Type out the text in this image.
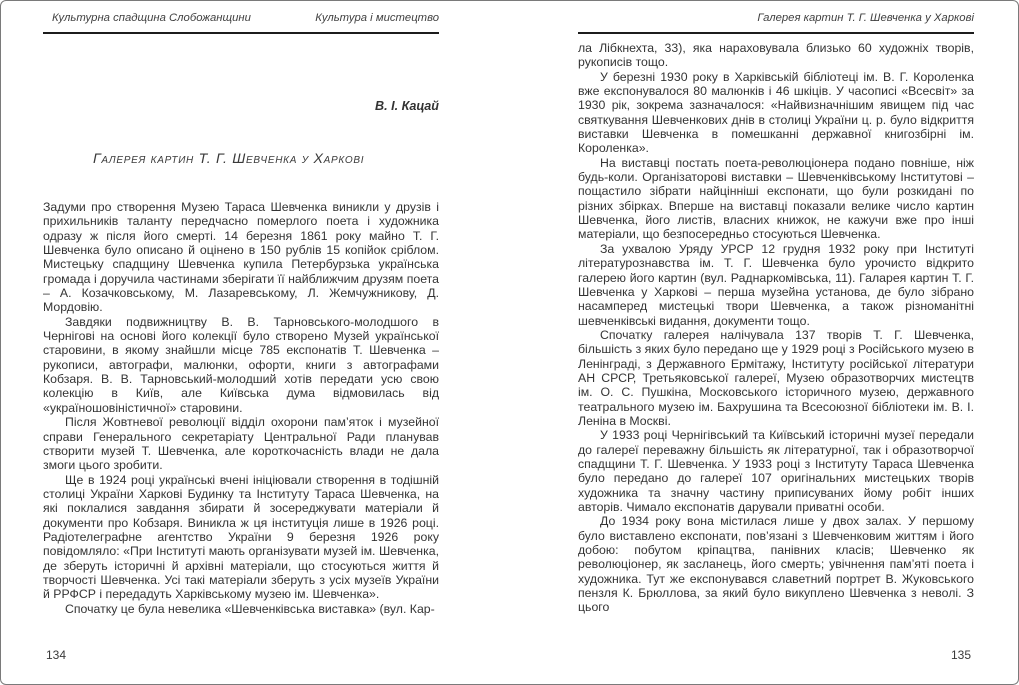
Культурна спадщина Слобожанщини	Культура і мистецтво
В. І. Кацай
Галерея картин Т. Г. Шевченка у Харкові

Задуми про створення Музею Тараса Шевченка виникли у друзів і прихильників таланту передчасно померлого поета і художника одразу ж після його смерті. 14 березня 1861 року майно Т. Г. Шевченка було описано й оцінено в 150 рублів 15 копійок сріблом. Мистецьку спадщину Шевченка купила Петербурзька українська громада і доручила частинами зберігати її найближчим друзям поета – А. Козачковському, М. Лазаревському, Л. Жемчужникову, Д. Мордовію.

Завдяки подвижництву В. В. Тарновського-молодшого в Чернігові на основі його колекції було створено Музей української старовини, в якому знайшли місце 785 експонатів Т. Шевченка – рукописи, автографи, малюнки, офорти, книги з автографами Кобзаря. В. В. Тарновський-молодший хотів передати усю свою колекцію в Київ, але Київська дума відмовилась від «україношовіністичної» старовини.

Після Жовтневої революції відділ охорони пам’яток і музейної справи Генерального секретаріату Центральної Ради планував створити музей Т. Шевченка, але короткочасність влади не дала змоги цього зробити.

Ще в 1924 році українські вчені ініціювали створення в тодішній столиці України Харкові Будинку та Інституту Тараса Шевченка, на які поклалися завдання збирати й зосереджувати матеріали й документи про Кобзаря. Виникла ж ця інституція лише в 1926 році. Радіотелеграфне агентство України 9 березня 1926 року повідомляло: «При Інституті мають організувати музей ім. Шевченка, де зберуть історичні й архівні матеріали, що стосуються життя й творчості Шевченка. Усі такі матеріали зберуть з усіх музеїв України й РРФСР і передадуть Харківському музею ім. Шевченка».

Спочатку це була невелика «Шевченківська виставка» (вул. Кар-

134
Галерея картин Т. Г. Шевченка у Харкові

ла Лібкнехта, 33), яка нараховувала близько 60 художніх творів, рукописів тощо.

У березні 1930 року в Харківській бібліотеці ім. В. Г. Короленка вже експонувалося 80 малюнків і 46 шкіців. У часописі «Всесвіт» за 1930 рік, зокрема зазначалося: «Найвизначнішим явищем під час святкування Шевченкових днів в столиці України ц. р. було відкриття виставки Шевченка в помешканні державної книгозбірні ім. Короленка».

На виставці постать поета-революціонера подано повніше, ніж будь-коли. Організаторові виставки – Шевченківському Інститутові – пощастило зібрати найцінніші експонати, що були розкидані по різних збірках. Вперше на виставці показали велике число картин Шевченка, його листів, власних книжок, не кажучи вже про інші матеріали, що безпосередньо стосуються Шевченка.

За ухвалою Уряду УРСР 12 грудня 1932 року при Інституті літературознавства ім. Т. Г. Шевченка було урочисто відкрито галерею його картин (вул. Раднаркомівська, 11). Галарея картин Т. Г. Шевченка у Харкові – перша музейна установа, де було зібрано насамперед мистецькі твори Шевченка, а також різноманітні шевченківські видання, документи тощо.

Спочатку галерея налічувала 137 творів Т. Г. Шевченка, більшість з яких було передано ще у 1929 році з Російського музею в Ленінграді, з Державного Ермітажу, Інституту російської літератури АН СРСР, Третьяковської галереї, Музею образотворчих мистецтв ім. О. С. Пушкіна, Московського історичного музею, державного театрального музею ім. Бахрушина та Всесоюзної бібліотеки ім. В. І. Леніна в Москві.

У 1933 році Чернігівський та Київський історичні музеї передали до галереї переважну більшість як літературної, так і образотворчої спадщини Т. Г. Шевченка. У 1933 році з Інституту Тараса Шевченка було передано до галереї 107 оригінальних мистецьких творів художника та значну частину приписуваних йому робіт інших авторів. Чимало експонатів дарували приватні особи.

До 1934 року вона містилася лише у двох залах. У першому було виставлено експонати, пов’язані з Шевченковим життям і його добою: побутом кріпацтва, панівних класів; Шевченко як революціонер, як засланець, його смерть; увічнення пам’яті поета і художника. Тут же експонувався славетний портрет В. Жуковського пензля К. Брюллова, за який було викуплено Шевченка з неволі. З цього

135
